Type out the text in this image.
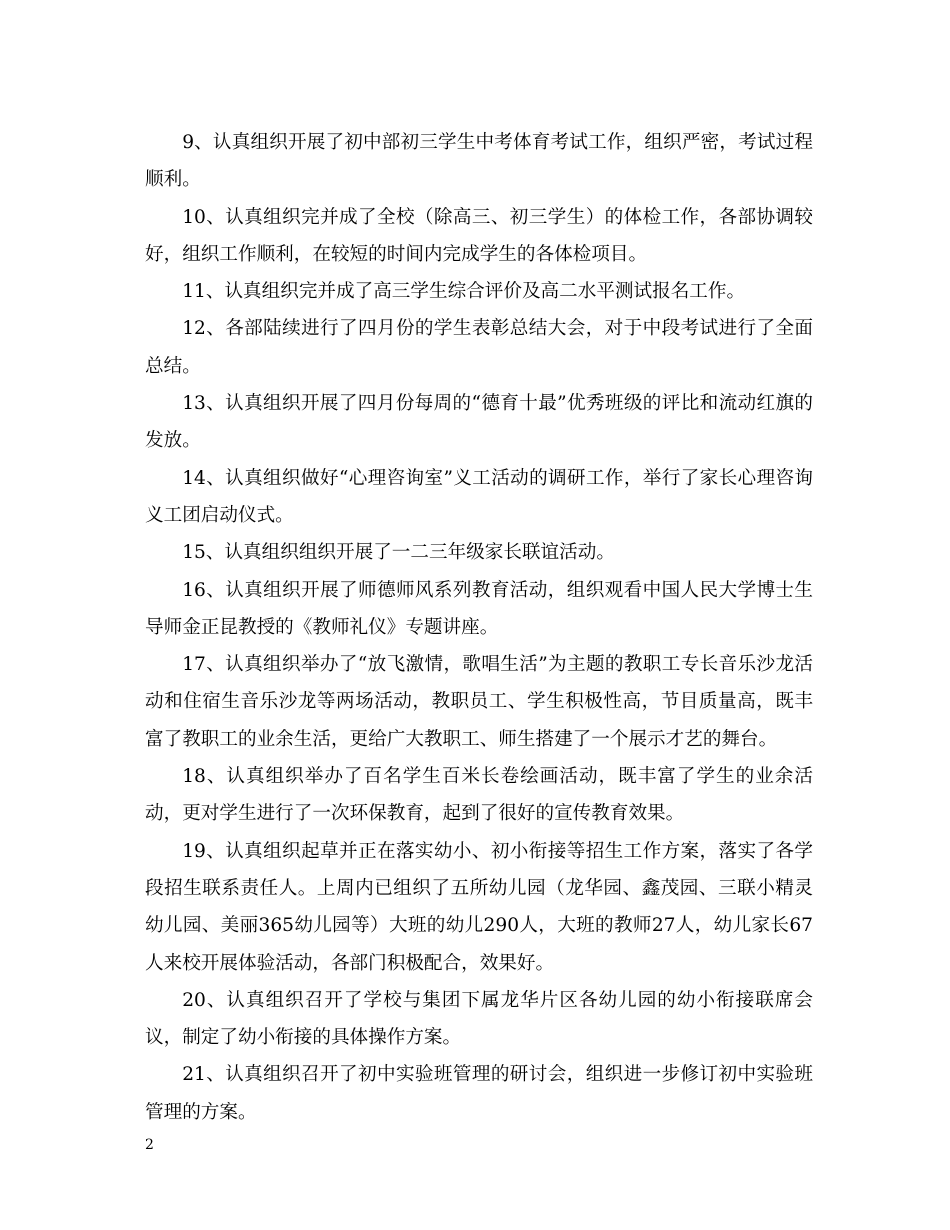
9、认真组织开展了初中部初三学生中考体育考试工作，组织严密，考试过程顺利。

10、认真组织完并成了全校（除高三、初三学生）的体检工作，各部协调较好，组织工作顺利，在较短的时间内完成学生的各体检项目。

11、认真组织完并成了高三学生综合评价及高二水平测试报名工作。

12、各部陆续进行了四月份的学生表彰总结大会，对于中段考试进行了全面总结。

13、认真组织开展了四月份每周的“德育十最”优秀班级的评比和流动红旗的发放。

14、认真组织做好“心理咨询室”义工活动的调研工作，举行了家长心理咨询义工团启动仪式。

15、认真组织组织开展了一二三年级家长联谊活动。

16、认真组织开展了师德师风系列教育活动，组织观看中国人民大学博士生导师金正昆教授的《教师礼仪》专题讲座。

17、认真组织举办了“放飞激情，歌唱生活”为主题的教职工专长音乐沙龙活动和住宿生音乐沙龙等两场活动，教职员工、学生积极性高，节目质量高，既丰富了教职工的业余生活，更给广大教职工、师生搭建了一个展示才艺的舞台。

18、认真组织举办了百名学生百米长卷绘画活动，既丰富了学生的业余活动，更对学生进行了一次环保教育，起到了很好的宣传教育效果。

19、认真组织起草并正在落实幼小、初小衔接等招生工作方案，落实了各学段招生联系责任人。上周内已组织了五所幼儿园（龙华园、鑫茂园、三联小精灵幼儿园、美丽365幼儿园等）大班的幼儿290人，大班的教师27人，幼儿家长67人来校开展体验活动，各部门积极配合，效果好。

20、认真组织召开了学校与集团下属龙华片区各幼儿园的幼小衔接联席会议，制定了幼小衔接的具体操作方案。

21、认真组织召开了初中实验班管理的研讨会，组织进一步修订初中实验班管理的方案。

2
